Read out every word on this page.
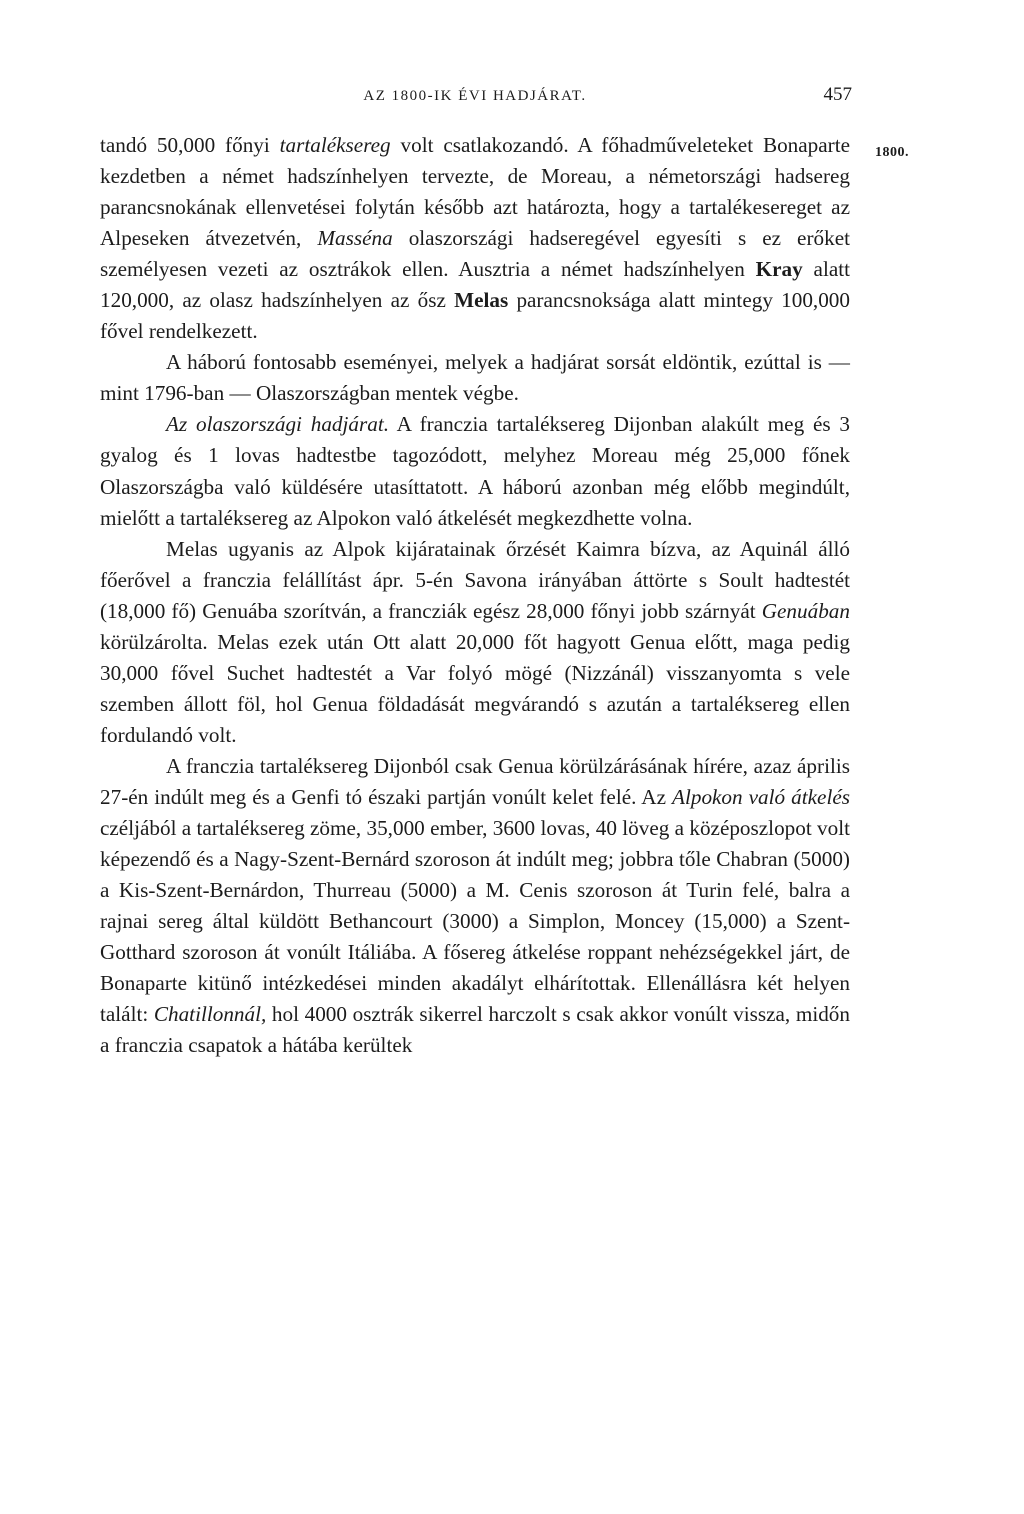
AZ 1800-IK ÉVI HADJÁRAT.	457
1800.

tandó 50,000 főnyi tartaléksereg volt csatlakozandó. A főhadműveleteket Bonaparte kezdetben a német hadszínhelyen tervezte, de Moreau, a németországi hadsereg parancsnokának ellenvetései folytán később azt határozta, hogy a tartalékesereget az Alpeseken átvezetvén, Masséna olaszországi hadseregével egyesíti s ez erőket személyesen vezeti az osztrákok ellen. Ausztria a német hadszínhelyen Kray alatt 120,000, az olasz hadszínhelyen az ősz Melas parancsnoksága alatt mintegy 100,000 fővel rendelkezett.

A háború fontosabb eseményei, melyek a hadjárat sorsát eldöntik, ezúttal is — mint 1796-ban — Olaszországban mentek végbe.

Az olaszországi hadjárat. A franczia tartaléksereg Dijonban alakúlt meg és 3 gyalog és 1 lovas hadtestbe tagozódott, melyhez Moreau még 25,000 főnek Olaszországba való küldésére utasíttatott. A háború azonban még előbb megindúlt, mielőtt a tartaléksereg az Alpokon való átkelését megkezdhette volna.

Melas ugyanis az Alpok kijáratainak őrzését Kaimra bízva, az Aquinál álló főerővel a franczia felállítást ápr. 5-én Savona irányában áttörte s Soult hadtestét (18,000 fő) Genuába szorítván, a francziák egész 28,000 főnyi jobb szárnyát Genuában körülzárolta. Melas ezek után Ott alatt 20,000 főt hagyott Genua előtt, maga pedig 30,000 fővel Suchet hadtestét a Var folyó mögé (Nizzánál) visszanyomta s vele szemben állott föl, hol Genua földadását megvárandó s azután a tartaléksereg ellen fordulandó volt.

A franczia tartaléksereg Dijonból csak Genua körülzárásának hírére, azaz április 27-én indúlt meg és a Genfi tó északi partján vonúlt kelet felé. Az Alpokon való átkelés czéljából a tartaléksereg zöme, 35,000 ember, 3600 lovas, 40 löveg a középoszlopot volt képezendő és a Nagy-Szent-Bernárd szoroson át indúlt meg; jobbra tőle Chabran (5000) a Kis-Szent-Bernárdon, Thurreau (5000) a M. Cenis szoroson át Turin felé, balra a rajnai sereg által küldött Bethancourt (3000) a Simplon, Moncey (15,000) a Szent-Gotthard szoroson át vonúlt Itáliába. A fősereg átkelése roppant nehézségekkel járt, de Bonaparte kitünő intézkedései minden akadályt elhárítottak. Ellenállásra két helyen talált: Chatillonnál, hol 4000 osztrák sikerrel harczolt s csak akkor vonúlt vissza, midőn a franczia csapatok a hátába kerültek
